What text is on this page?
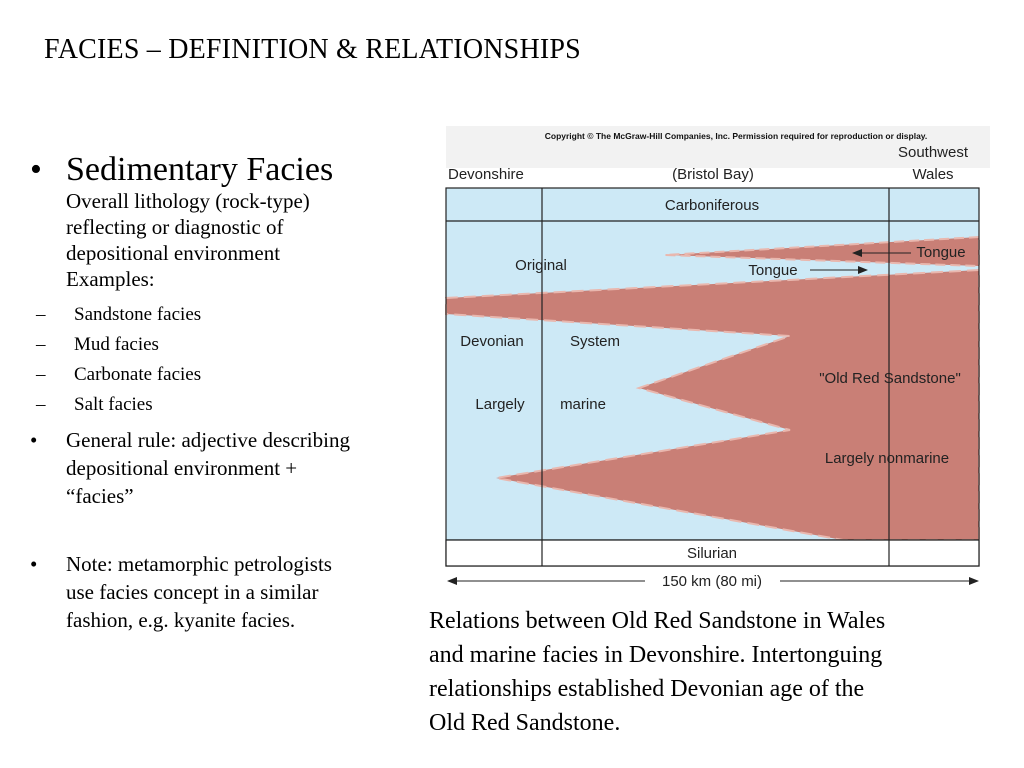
FACIES – DEFINITION & RELATIONSHIPS
• Sedimentary Facies
Overall lithology (rock-type)
reflecting or diagnostic of
depositional environment
Examples:
– Sandstone facies
– Mud facies
– Carbonate facies
– Salt facies
• General rule: adjective describing
depositional environment +
“facies”
• Note: metamorphic petrologists
use facies concept in a similar
fashion, e.g. kyanite facies.
Copyright © The McGraw-Hill Companies, Inc. Permission required for reproduction or display.
Devonshire	(Bristol Bay)
Southwest
Wales
Carboniferous
Tongue
Tongue
Original
Devonian	System
Largely marine
"Old Red Sandstone"
Largely nonmarine
Silurian
150 km (80 mi)
Relations between Old Red Sandstone in Wales
and marine facies in Devonshire. Intertonguing
relationships established Devonian age of the
Old Red Sandstone.
